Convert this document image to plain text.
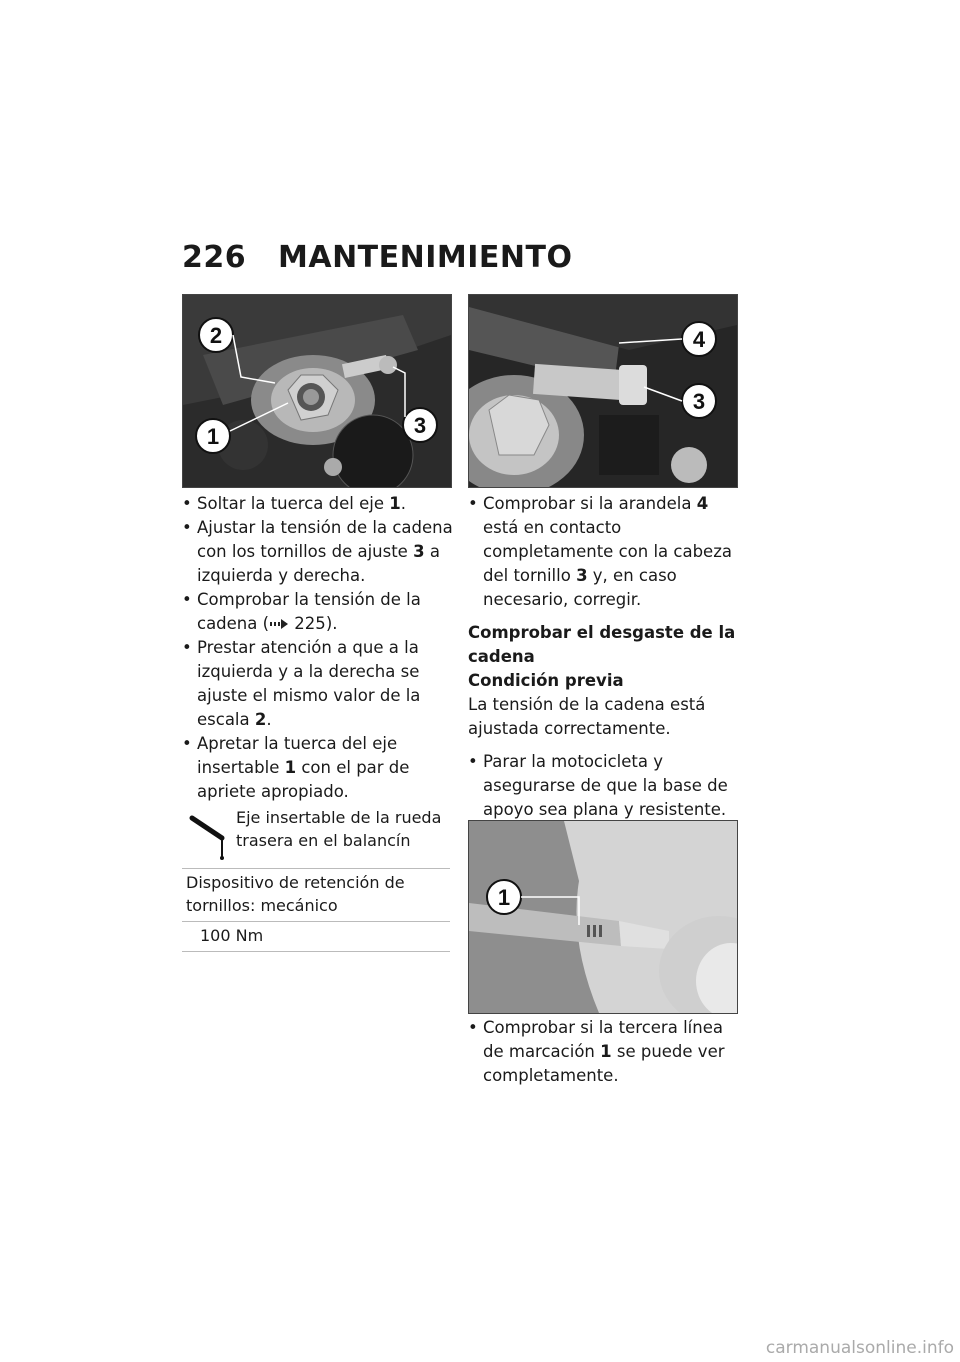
226 MANTENIMIENTO
2
1	3
4
3
• Soltar la tuerca del eje 1.
• Ajustar la tensión de la cadena con los tornillos de ajuste 3 a izquierda y derecha.
• Comprobar la tensión de la cadena ( 225).
• Prestar atención a que a la izquierda y a la derecha se ajuste el mismo valor de la escala 2.
• Apretar la tuerca del eje insertable 1 con el par de apriete apropiado.
Eje insertable de la rueda trasera en el balancín
Dispositivo de retención de tornillos: mecánico
100 Nm
• Comprobar si la arandela 4 está en contacto completamente con la cabeza del tornillo 3 y, en caso necesario, corregir.
Comprobar el desgaste de la cadena
Condición previa
La tensión de la cadena está ajustada correctamente.
• Parar la motocicleta y asegurarse de que la base de apoyo sea plana y resistente.
1
• Comprobar si la tercera línea de marcación 1 se puede ver completamente.
carmanualsonline.info
